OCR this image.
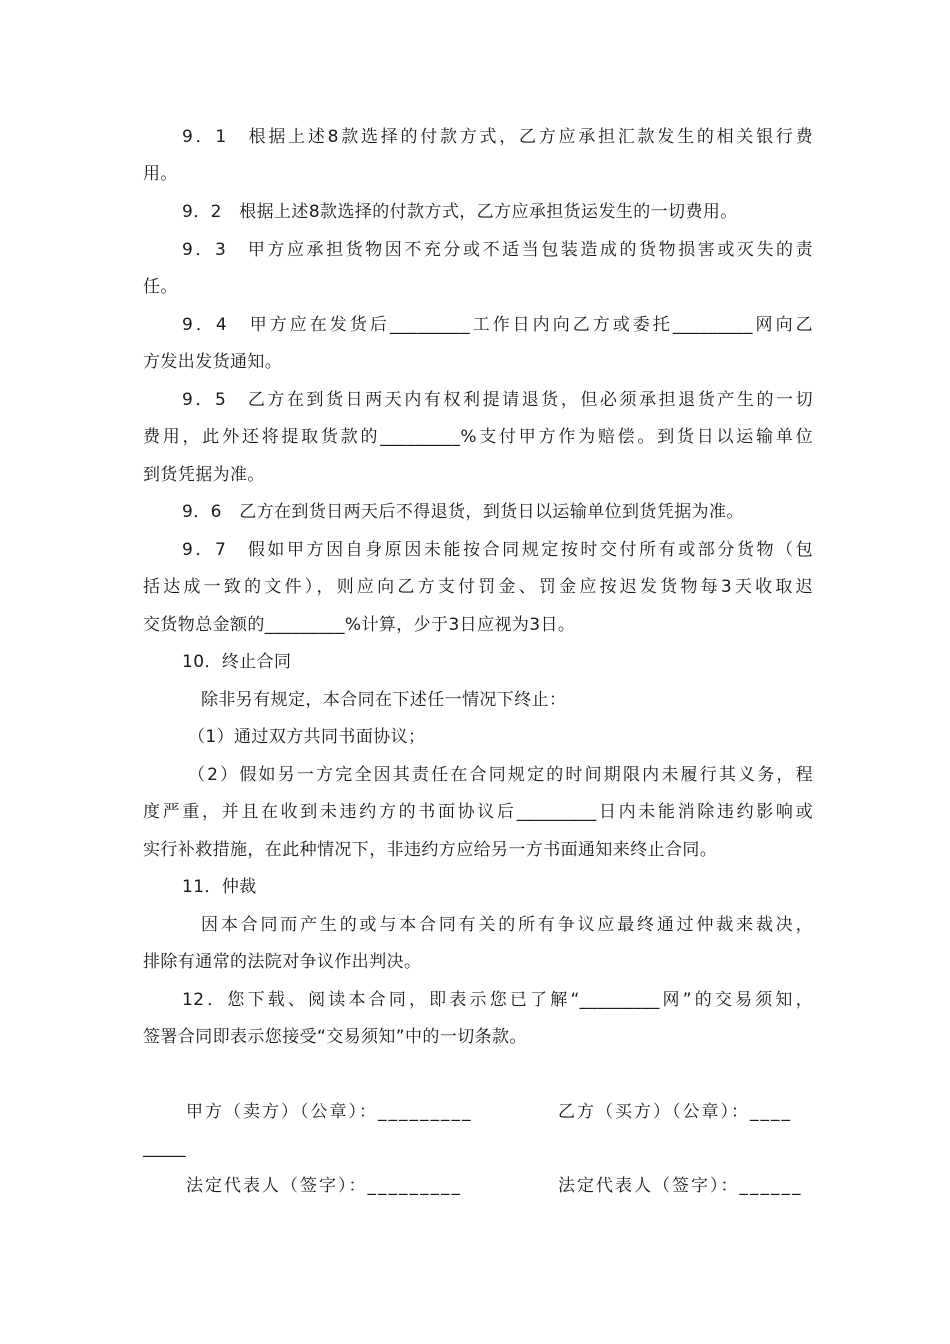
9．1　根据上述8款选择的付款方式，乙方应承担汇款发生的相关银行费
用。
9．2　根据上述8款选择的付款方式，乙方应承担货运发生的一切费用。
9．3　甲方应承担货物因不充分或不适当包装造成的货物损害或灭失的责
任。
9．4　甲方应在发货后_________工作日内向乙方或委托_________网向乙
方发出发货通知。
9．5　乙方在到货日两天内有权利提请退货，但必须承担退货产生的一切
费用，此外还将提取货款的_________%支付甲方作为赔偿。到货日以运输单位
到货凭据为准。
9．6　乙方在到货日两天后不得退货，到货日以运输单位到货凭据为准。
9．7　假如甲方因自身原因未能按合同规定按时交付所有或部分货物（包
括达成一致的文件），则应向乙方支付罚金、罚金应按迟发货物每3天收取迟
交货物总金额的_________%计算，少于3日应视为3日。
10．终止合同
除非另有规定，本合同在下述任一情况下终止：
（1）通过双方共同书面协议；
（2）假如另一方完全因其责任在合同规定的时间期限内未履行其义务，程
度严重，并且在收到未违约方的书面协议后_________日内未能消除违约影响或
实行补救措施，在此种情况下，非违约方应给另一方书面通知来终止合同。
11．仲裁
因本合同而产生的或与本合同有关的所有争议应最终通过仲裁来裁决，
排除有通常的法院对争议作出判决。
12．您下载、阅读本合同，即表示您已了解“_________网”的交易须知，
签署合同即表示您接受“交易须知”中的一切条款。
甲方（卖方）（公章）：_________	乙方（买方）（公章）：____
_____
法定代表人（签字）：_________	法定代表人（签字）：______
